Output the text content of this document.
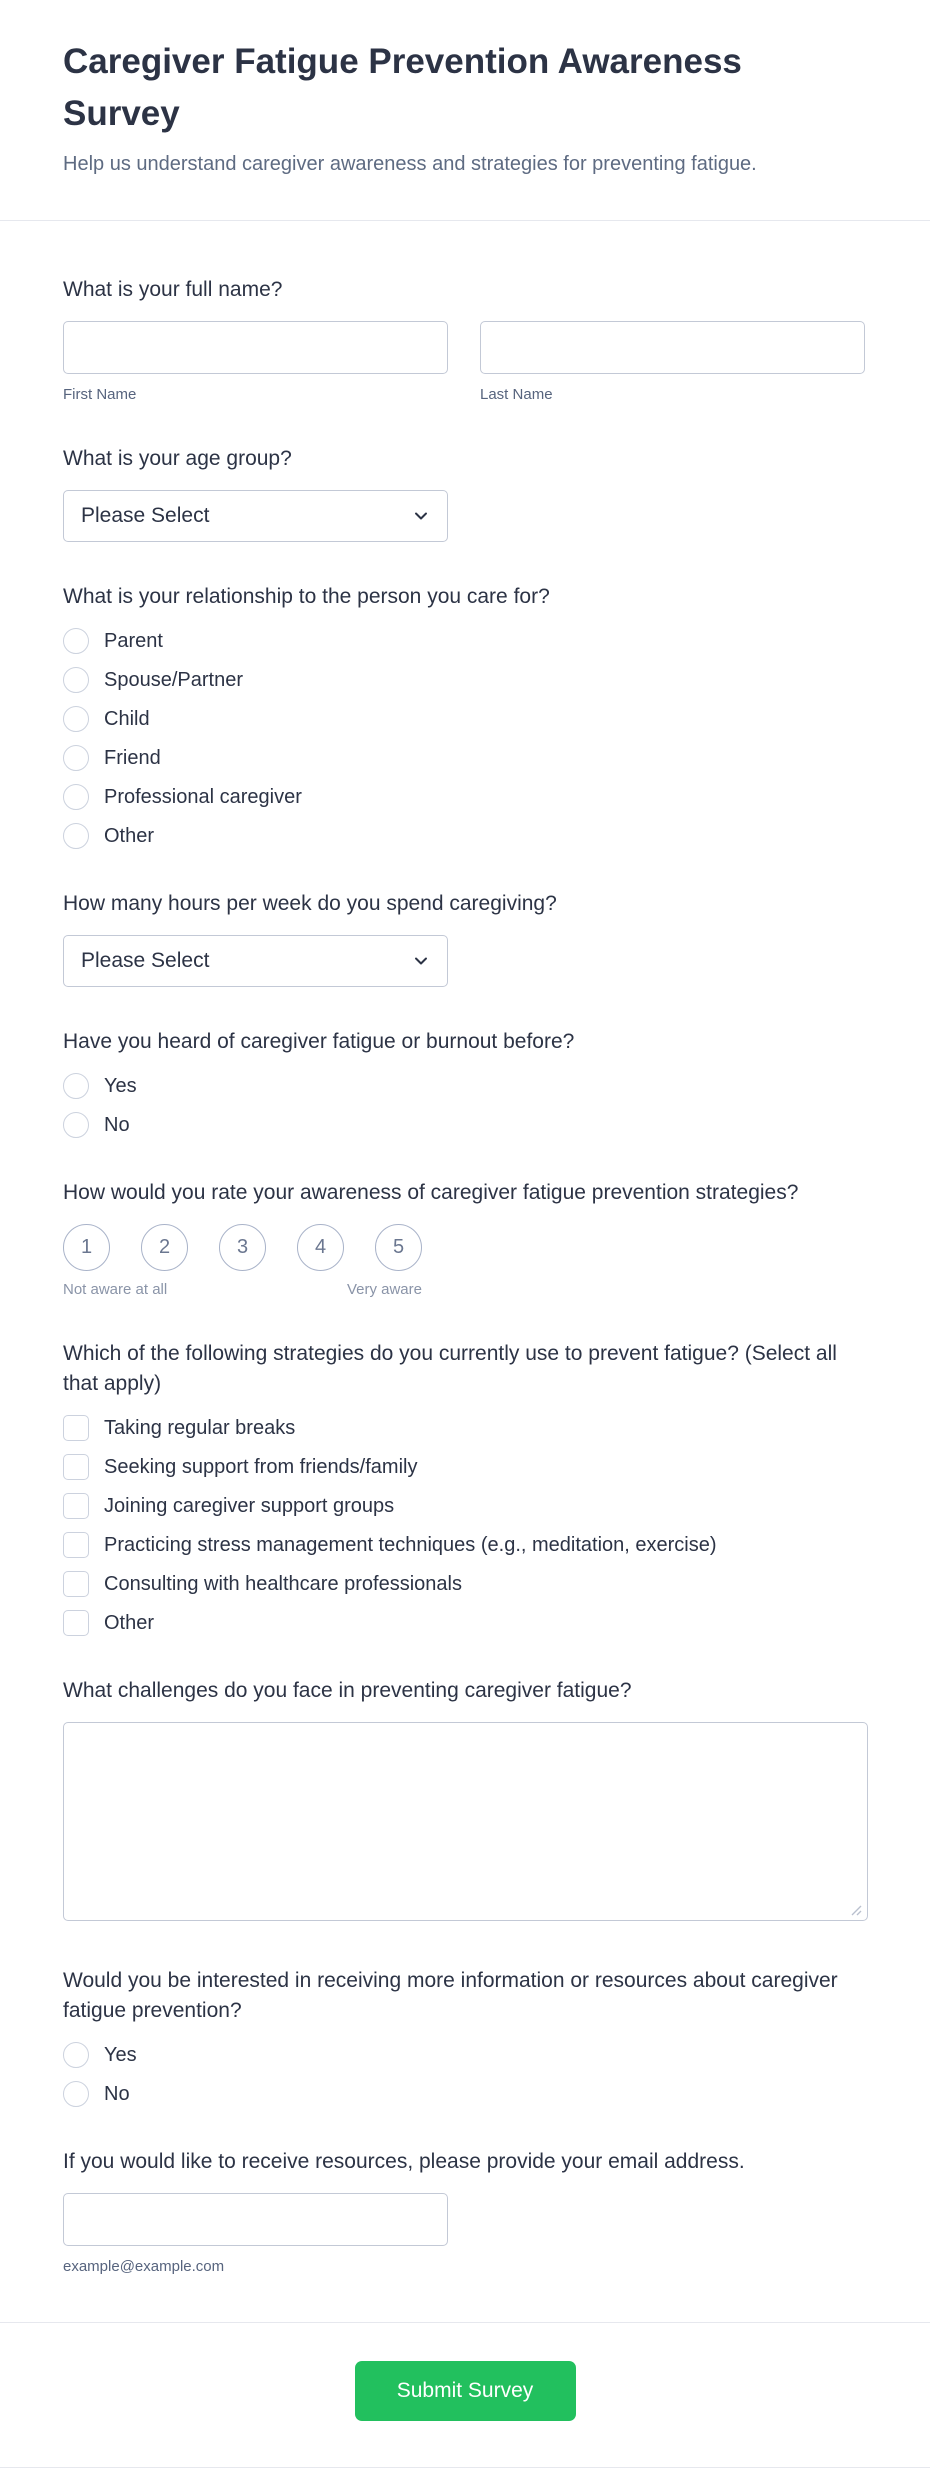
Caregiver Fatigue Prevention Awareness Survey

Help us understand caregiver awareness and strategies for preventing fatigue.

What is your full name?
First Name	Last Name
What is your age group?
Please Select
What is your relationship to the person you care for?
Parent
Spouse/Partner
Child
Friend
Professional caregiver
Other
How many hours per week do you spend caregiving?
Please Select
Have you heard of caregiver fatigue or burnout before?
Yes
No
How would you rate your awareness of caregiver fatigue prevention strategies?
1	2	3	4	5
Not aware at all	Very aware
Which of the following strategies do you currently use to prevent fatigue? (Select all that apply)
Taking regular breaks
Seeking support from friends/family
Joining caregiver support groups
Practicing stress management techniques (e.g., meditation, exercise)
Consulting with healthcare professionals
Other
What challenges do you face in preventing caregiver fatigue?
Would you be interested in receiving more information or resources about caregiver fatigue prevention?
Yes
No
If you would like to receive resources, please provide your email address.
example@example.com
Submit Survey
